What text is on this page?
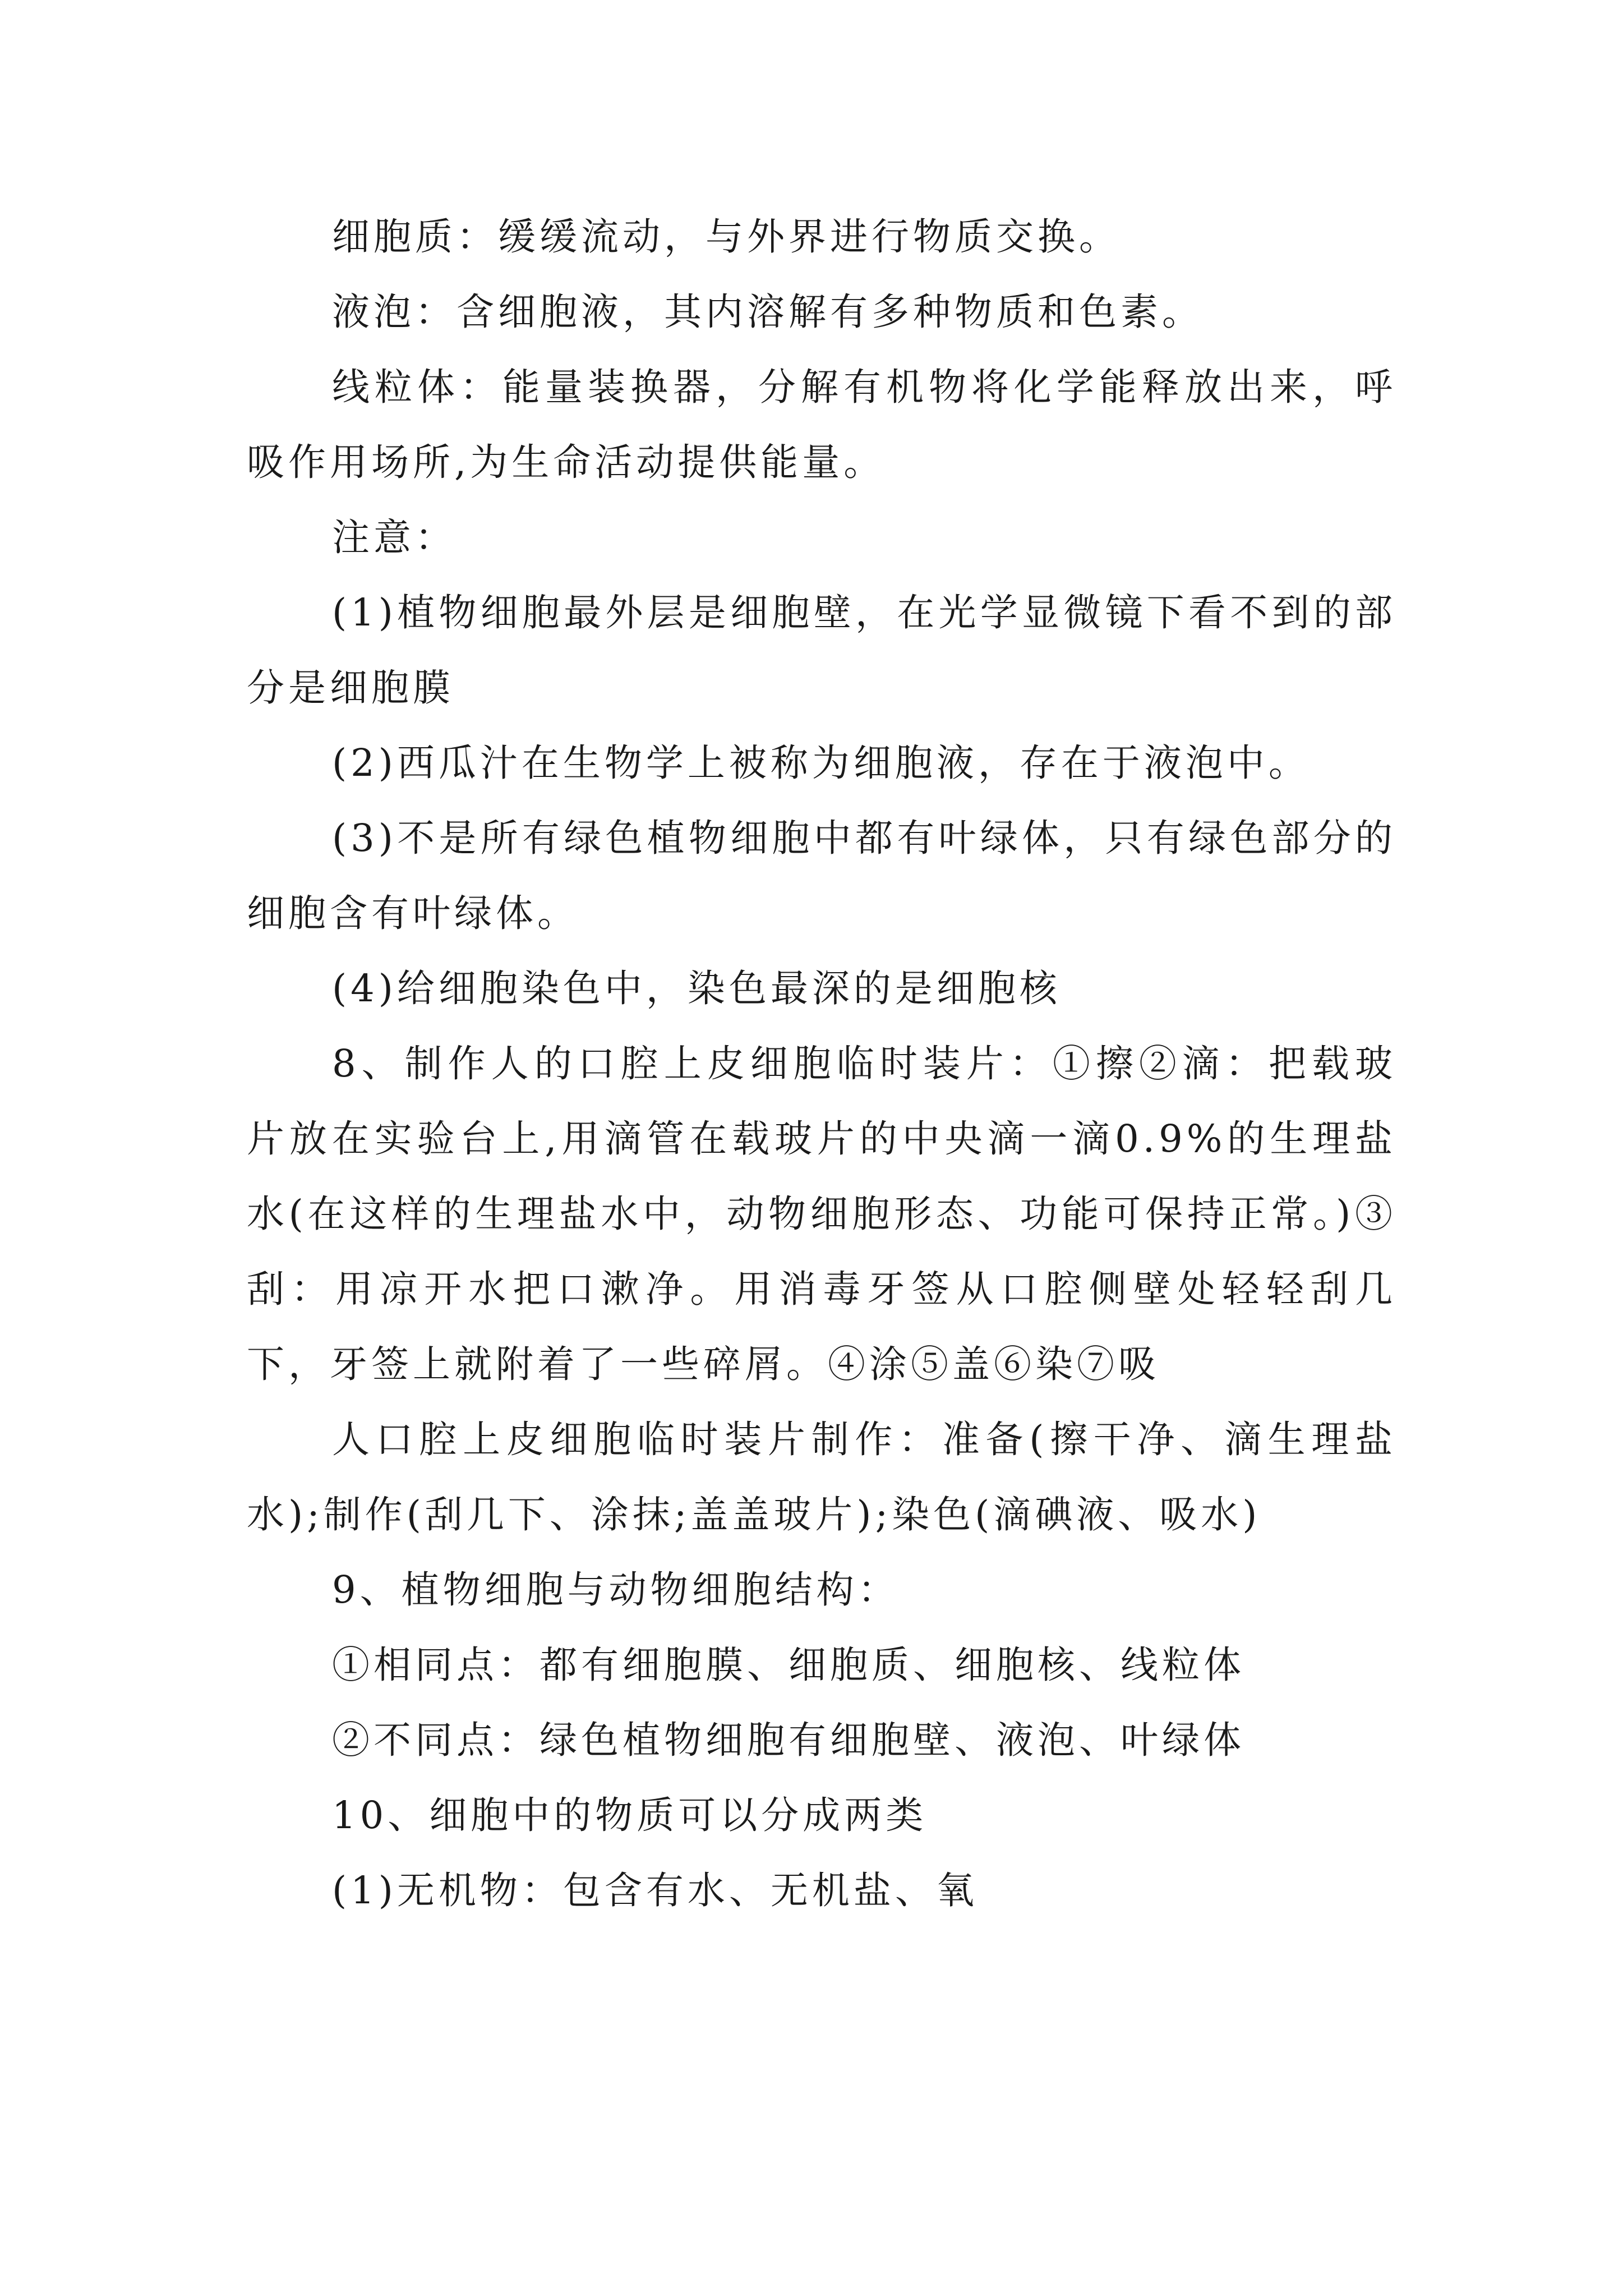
细胞质：缓缓流动，与外界进行物质交换。

液泡：含细胞液，其内溶解有多种物质和色素。

线粒体：能量装换器，分解有机物将化学能释放出来，呼吸作用场所,为生命活动提供能量。

注意：

(1)植物细胞最外层是细胞壁，在光学显微镜下看不到的部分是细胞膜

(2)西瓜汁在生物学上被称为细胞液，存在于液泡中。

(3)不是所有绿色植物细胞中都有叶绿体，只有绿色部分的细胞含有叶绿体。

(4)给细胞染色中，染色最深的是细胞核

8、制作人的口腔上皮细胞临时装片：①擦②滴：把载玻片放在实验台上,用滴管在载玻片的中央滴一滴0.9%的生理盐水(在这样的生理盐水中，动物细胞形态、功能可保持正常。)③刮：用凉开水把口漱净。用消毒牙签从口腔侧壁处轻轻刮几下，牙签上就附着了一些碎屑。④涂⑤盖⑥染⑦吸

人口腔上皮细胞临时装片制作：准备(擦干净、滴生理盐水);制作(刮几下、涂抹;盖盖玻片);染色(滴碘液、吸水)

9、植物细胞与动物细胞结构：

①相同点：都有细胞膜、细胞质、细胞核、线粒体

②不同点：绿色植物细胞有细胞壁、液泡、叶绿体

10、细胞中的物质可以分成两类

(1)无机物：包含有水、无机盐、氧
